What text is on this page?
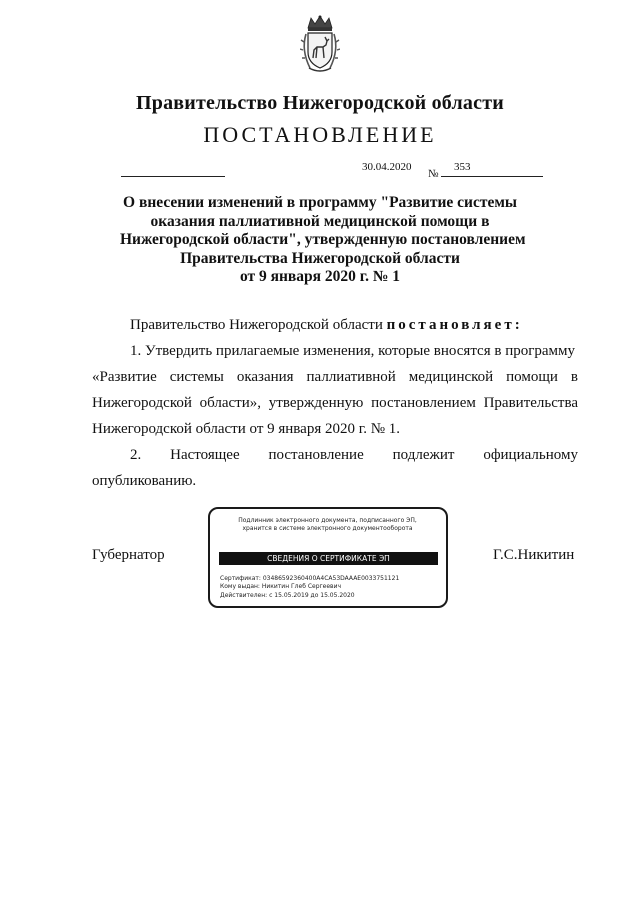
Правительство Нижегородской области
ПОСТАНОВЛЕНИЕ
30.04.2020
№
353
О внесении изменений в программу "Развитие системы
оказания паллиативной медицинской помощи в
Нижегородской области", утвержденную постановлением
Правительства Нижегородской области
от 9 января 2020 г. № 1
Правительство Нижегородской области постановляет:
1. Утвердить прилагаемые изменения, которые вносятся в программу
«Развитие системы оказания паллиативной медицинской помощи в Нижегородской области», утвержденную постановлением Правительства Нижегородской области от 9 января 2020 г. № 1.
2. Настоящее постановление подлежит официальному
опубликованию.
Губернатор	Г.С.Никитин
Подлинник электронного документа, подписанного ЭП,
хранится в системе электронного документооборота
СВЕДЕНИЯ О СЕРТИФИКАТЕ ЭП
Сертификат: 03486592360400A4CA53DAAAE0033751121
Кому выдан: Никитин Глеб Сергеевич
Действителен: с 15.05.2019 до 15.05.2020
